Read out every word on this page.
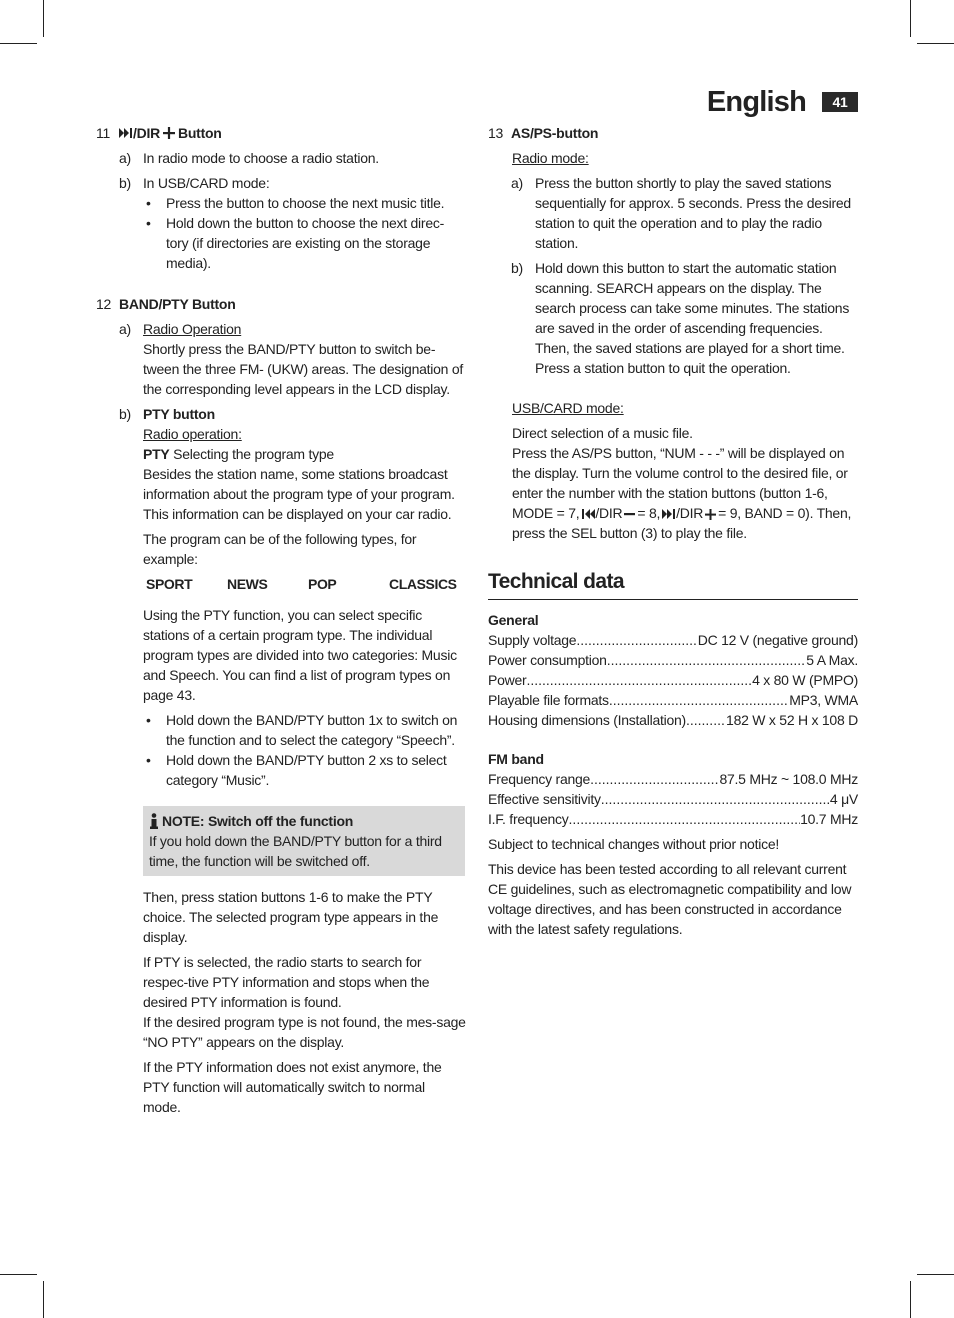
English	41
11	/DIR Button
a) In radio mode to choose a radio station.

b) In USB/CARD mode:

•	Press the button to choose the next music title.
•	Hold down the button to choose the next direc-tory (if directories are existing on the storage media).
12 BAND/PTY Button
a) Radio Operation

Shortly press the BAND/PTY button to switch be-tween the three FM- (UKW) areas. The designation of the corresponding level appears in the LCD display.

b) PTY button

Radio operation:

PTY Selecting the program type

Besides the station name, some stations broadcast information about the program type of your program. This information can be displayed on your car radio.

The program can be of the following types, for example:

SPORT	NEWS	POP	CLASSICS

Using the PTY function, you can select specific stations of a certain program type. The individual program types are divided into two categories: Music and Speech. You can find a list of program types on page 43.

•	Hold down the BAND/PTY button 1x to switch on the function and to select the category “Speech”.
•	Hold down the BAND/PTY button 2 xs to select category “Music”.
NOTE: Switch off the function

If you hold down the BAND/PTY button for a third time, the function will be switched off.

Then, press station buttons 1-6 to make the PTY choice. The selected program type appears in the display.

If PTY is selected, the radio starts to search for respec-tive PTY information and stops when the desired PTY information is found.

If the desired program type is not found, the mes-sage “NO PTY” appears on the display.

If the PTY information does not exist anymore, the PTY function will automatically switch to normal mode.

13 AS/PS-button

Radio mode:

a) Press the button shortly to play the saved stations sequentially for approx. 5 seconds. Press the desired station to quit the operation and to play the radio station.

b) Hold down this button to start the automatic station scanning. SEARCH appears on the display. The search process can take some minutes. The stations are saved in the order of ascending frequencies. Then, the saved stations are played for a short time. Press a station button to quit the operation.

USB/CARD mode:

Direct selection of a music file.

Press the AS/PS button, “NUM - - -” will be displayed on the display. Turn the volume control to the desired file, or enter the number with the station buttons (button 1-6, MODE = 7, /DIR = 8, /DIR = 9, BAND = 0). Then, press the SEL button (3) to play the file.

Technical data

General

Supply voltage .....	DC 12 V (negative ground)
Power consumption .....	5 A Max.
Power .....	4 x 80 W (PMPO)
Playable file formats .....	MP3, WMA
Housing dimensions (Installation) .....	182 W x 52 H x 108 D

FM band

Frequency range .....	87.5 MHz ~ 108.0 MHz
Effective sensitivity .....	4 μV
I.F. frequency .....	10.7 MHz

Subject to technical changes without prior notice!

This device has been tested according to all relevant current CE guidelines, such as electromagnetic compatibility and low voltage directives, and has been constructed in accordance with the latest safety regulations.
